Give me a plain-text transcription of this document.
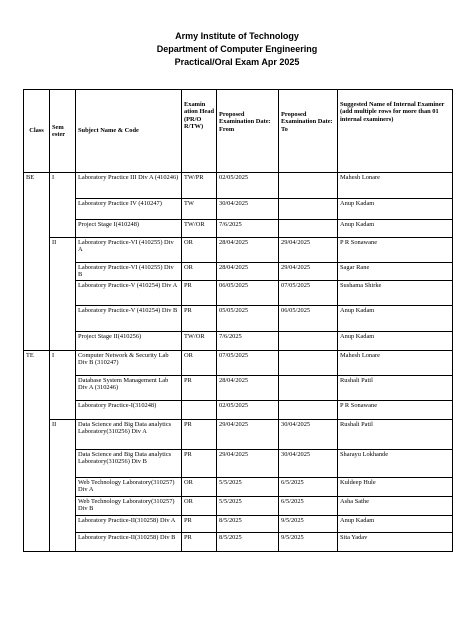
Army Institute of Technology
Department of Computer Engineering
Practical/Oral Exam Apr 2025
Class	Sem ester	Subject Name & Code	Examin ation Head (PR/O R/TW)	Proposed Examination Date: From	Proposed Examination Date: To	Suggested Name of Internal Examiner (add multiple rows for more than 01 internal examiners)
BE	I	Laboratory Practice III Div A (410246)	TW/PR	02/05/2025		Mahesh Lonare
		Laboratory Practice IV (410247)	TW	30/04/2025		Anup Kadam
		Project Stage I(410248)	TW/OR	7/6/2025		Anup Kadam
	II	Laboratory Practice-VI (410255) Div A	OR	28/04/2025	29/04/2025	P R Sonawane
		Laboratory Practice-VI (410255) Div B	OR	28/04/2025	29/04/2025	Sagar Rane
		Laboratory Practice-V (410254) Div A	PR	06/05/2025	07/05/2025	Sushama Shirke
		Laboratory Practice-V (410254) Div B	PR	05/05/2025	06/05/2025	Anup Kadam
		Project Stage II(410256)	TW/OR	7/6/2025		Anup Kadam
TE	I	Computer Network & Security Lab Div B (310247)	OR	07/05/2025		Mahesh Lonare
		Database System Management Lab Div A (310246)	PR	28/04/2025		Rushali Patil
		Laboratory Practice-I(310248)		02/05/2025		P R Sonawane
	II	Data Science and Big Data analytics Laboratory(310256) Div A	PR	29/04/2025	30/04/2025	Rushali Patil
		Data Science and Big Data analytics Laboratory(310256) Div B	PR	29/04/2025	30/04/2025	Sharayu Lokhande
		Web Technology Laboratory(310257) Div A	OR	5/5/2025	6/5/2025	Kuldeep Hule
		Web Technology Laboratory(310257) Div B	OR	5/5/2025	6/5/2025	Asha Sathe
		Laboratory Practice-II(310258) Div A	PR	8/5/2025	9/5/2025	Anup Kadam
		Laboratory Practice-II(310258) Div B	PR	8/5/2025	9/5/2025	Sita Yadav
